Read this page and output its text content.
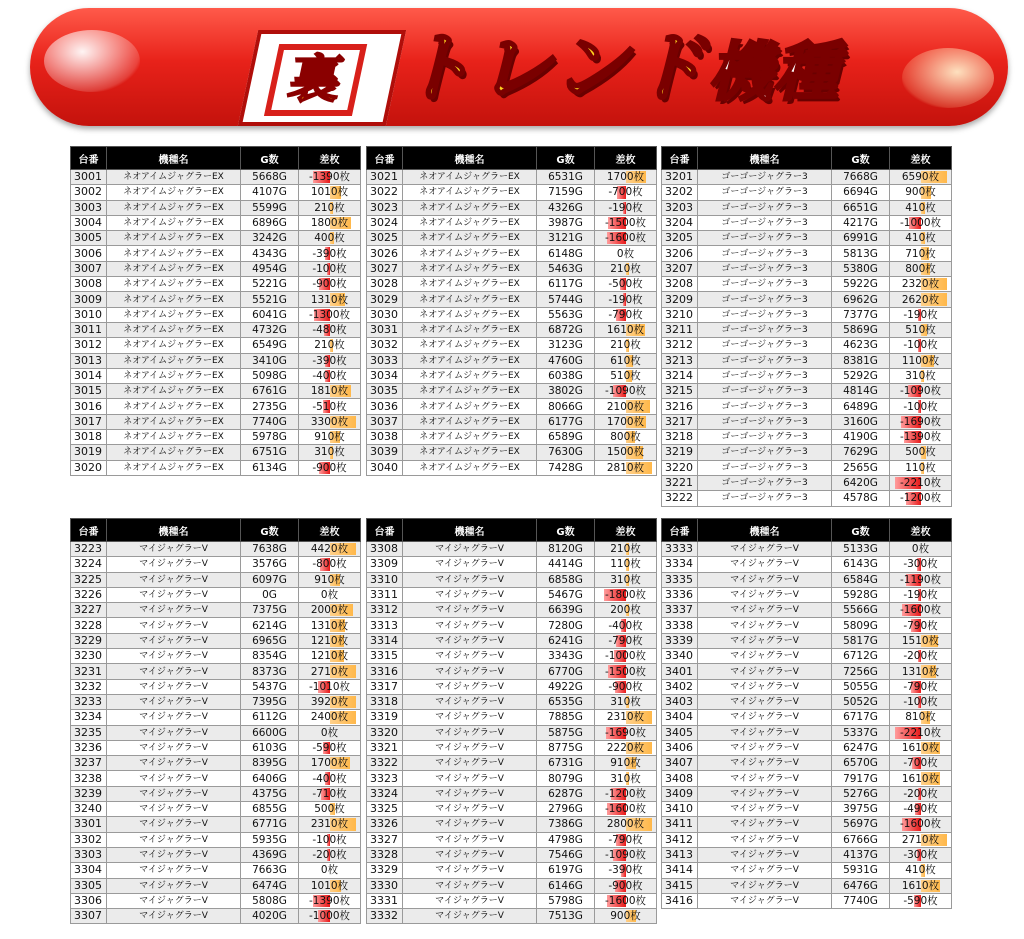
裏 トレンド機種
台番	機種名	G数	差枚
3001	ネオアイムジャグラーEX	5668G	-1390枚
3002	ネオアイムジャグラーEX	4107G	1010枚
3003	ネオアイムジャグラーEX	5599G	210枚
3004	ネオアイムジャグラーEX	6896G	1800枚
3005	ネオアイムジャグラーEX	3242G	400枚
3006	ネオアイムジャグラーEX	4343G	-390枚
3007	ネオアイムジャグラーEX	4954G	-100枚
3008	ネオアイムジャグラーEX	5221G	-900枚
3009	ネオアイムジャグラーEX	5521G	1310枚
3010	ネオアイムジャグラーEX	6041G	-1300枚
3011	ネオアイムジャグラーEX	4732G	-480枚
3012	ネオアイムジャグラーEX	6549G	210枚
3013	ネオアイムジャグラーEX	3410G	-390枚
3014	ネオアイムジャグラーEX	5098G	-400枚
3015	ネオアイムジャグラーEX	6761G	1810枚
3016	ネオアイムジャグラーEX	2735G	-510枚
3017	ネオアイムジャグラーEX	7740G	3300枚
3018	ネオアイムジャグラーEX	5978G	910枚
3019	ネオアイムジャグラーEX	6751G	310枚
3020	ネオアイムジャグラーEX	6134G	-900枚
台番	機種名	G数	差枚
3021	ネオアイムジャグラーEX	6531G	1700枚
3022	ネオアイムジャグラーEX	7159G	-700枚
3023	ネオアイムジャグラーEX	4326G	-190枚
3024	ネオアイムジャグラーEX	3987G	-1500枚
3025	ネオアイムジャグラーEX	3121G	-1600枚
3026	ネオアイムジャグラーEX	6148G	0枚
3027	ネオアイムジャグラーEX	5463G	210枚
3028	ネオアイムジャグラーEX	6117G	-500枚
3029	ネオアイムジャグラーEX	5744G	-190枚
3030	ネオアイムジャグラーEX	5563G	-790枚
3031	ネオアイムジャグラーEX	6872G	1610枚
3032	ネオアイムジャグラーEX	3123G	210枚
3033	ネオアイムジャグラーEX	4760G	610枚
3034	ネオアイムジャグラーEX	6038G	510枚
3035	ネオアイムジャグラーEX	3802G	-1090枚
3036	ネオアイムジャグラーEX	8066G	2100枚
3037	ネオアイムジャグラーEX	6177G	1700枚
3038	ネオアイムジャグラーEX	6589G	800枚
3039	ネオアイムジャグラーEX	7630G	1500枚
3040	ネオアイムジャグラーEX	7428G	2810枚
台番	機種名	G数	差枚
3201	ゴーゴージャグラー3	7668G	6590枚
3202	ゴーゴージャグラー3	6694G	900枚
3203	ゴーゴージャグラー3	6651G	410枚
3204	ゴーゴージャグラー3	4217G	-1000枚
3205	ゴーゴージャグラー3	6991G	410枚
3206	ゴーゴージャグラー3	5813G	710枚
3207	ゴーゴージャグラー3	5380G	800枚
3208	ゴーゴージャグラー3	5922G	2320枚
3209	ゴーゴージャグラー3	6962G	2620枚
3210	ゴーゴージャグラー3	7377G	-190枚
3211	ゴーゴージャグラー3	5869G	510枚
3212	ゴーゴージャグラー3	4623G	-100枚
3213	ゴーゴージャグラー3	8381G	1100枚
3214	ゴーゴージャグラー3	5292G	310枚
3215	ゴーゴージャグラー3	4814G	-1090枚
3216	ゴーゴージャグラー3	6489G	-100枚
3217	ゴーゴージャグラー3	3160G	-1690枚
3218	ゴーゴージャグラー3	4190G	-1390枚
3219	ゴーゴージャグラー3	7629G	500枚
3220	ゴーゴージャグラー3	2565G	110枚
3221	ゴーゴージャグラー3	6420G	-2210枚
3222	ゴーゴージャグラー3	4578G	-1200枚
台番	機種名	G数	差枚
3223	マイジャグラーV	7638G	4420枚
3224	マイジャグラーV	3576G	-800枚
3225	マイジャグラーV	6097G	910枚
3226	マイジャグラーV	0G	0枚
3227	マイジャグラーV	7375G	2000枚
3228	マイジャグラーV	6214G	1310枚
3229	マイジャグラーV	6965G	1210枚
3230	マイジャグラーV	8354G	1210枚
3231	マイジャグラーV	8373G	2710枚
3232	マイジャグラーV	5437G	-1010枚
3233	マイジャグラーV	7395G	3920枚
3234	マイジャグラーV	6112G	2400枚
3235	マイジャグラーV	6600G	0枚
3236	マイジャグラーV	6103G	-590枚
3237	マイジャグラーV	8395G	1700枚
3238	マイジャグラーV	6406G	-400枚
3239	マイジャグラーV	4375G	-710枚
3240	マイジャグラーV	6855G	500枚
3301	マイジャグラーV	6771G	2310枚
3302	マイジャグラーV	5935G	-100枚
3303	マイジャグラーV	4369G	-200枚
3304	マイジャグラーV	7663G	0枚
3305	マイジャグラーV	6474G	1010枚
3306	マイジャグラーV	5808G	-1390枚
3307	マイジャグラーV	4020G	-1000枚
台番	機種名	G数	差枚
3308	マイジャグラーV	8120G	210枚
3309	マイジャグラーV	4414G	110枚
3310	マイジャグラーV	6858G	310枚
3311	マイジャグラーV	5467G	-1800枚
3312	マイジャグラーV	6639G	200枚
3313	マイジャグラーV	7280G	-400枚
3314	マイジャグラーV	6241G	-790枚
3315	マイジャグラーV	3343G	-1000枚
3316	マイジャグラーV	6770G	-1500枚
3317	マイジャグラーV	4922G	-900枚
3318	マイジャグラーV	6535G	310枚
3319	マイジャグラーV	7885G	2310枚
3320	マイジャグラーV	5875G	-1690枚
3321	マイジャグラーV	8775G	2220枚
3322	マイジャグラーV	6731G	910枚
3323	マイジャグラーV	8079G	310枚
3324	マイジャグラーV	6287G	-1200枚
3325	マイジャグラーV	2796G	-1600枚
3326	マイジャグラーV	7386G	2800枚
3327	マイジャグラーV	4798G	-790枚
3328	マイジャグラーV	7546G	-1090枚
3329	マイジャグラーV	6197G	-390枚
3330	マイジャグラーV	6146G	-900枚
3331	マイジャグラーV	5798G	-1600枚
3332	マイジャグラーV	7513G	900枚
台番	機種名	G数	差枚
3333	マイジャグラーV	5133G	0枚
3334	マイジャグラーV	6143G	-300枚
3335	マイジャグラーV	6584G	-1190枚
3336	マイジャグラーV	5928G	-190枚
3337	マイジャグラーV	5566G	-1600枚
3338	マイジャグラーV	5809G	-790枚
3339	マイジャグラーV	5817G	1510枚
3340	マイジャグラーV	6712G	-200枚
3401	マイジャグラーV	7256G	1310枚
3402	マイジャグラーV	5055G	-790枚
3403	マイジャグラーV	5052G	-100枚
3404	マイジャグラーV	6717G	810枚
3405	マイジャグラーV	5337G	-2210枚
3406	マイジャグラーV	6247G	1610枚
3407	マイジャグラーV	6570G	-700枚
3408	マイジャグラーV	7917G	1610枚
3409	マイジャグラーV	5276G	-200枚
3410	マイジャグラーV	3975G	-490枚
3411	マイジャグラーV	5697G	-1600枚
3412	マイジャグラーV	6766G	2710枚
3413	マイジャグラーV	4137G	-300枚
3414	マイジャグラーV	5931G	410枚
3415	マイジャグラーV	6476G	1610枚
3416	マイジャグラーV	7740G	-590枚
